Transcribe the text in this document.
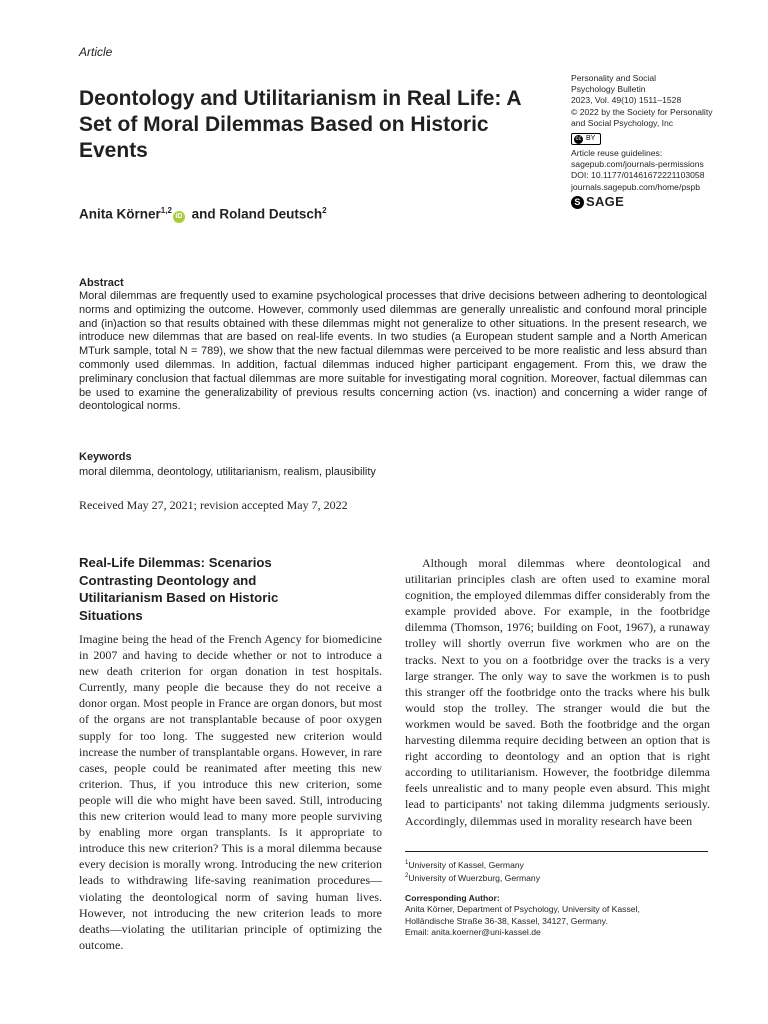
Article
Deontology and Utilitarianism in Real Life: A Set of Moral Dilemmas Based on Historic Events
Anita Körner$^{1,2}$iD and Roland Deutsch$^2$
Personality and Social
Psychology Bulletin
2023, Vol. 49(10) 1511–1528
© 2022 by the Society for Personality
and Social Psychology, Inc
cc BY
Article reuse guidelines:
sagepub.com/journals-permissions
DOI: 10.1177/01461672221103058
journals.sagepub.com/home/pspb
S SAGE
Abstract
Moral dilemmas are frequently used to examine psychological processes that drive decisions between adhering to deontological norms and optimizing the outcome. However, commonly used dilemmas are generally unrealistic and confound moral principle and (in)action so that results obtained with these dilemmas might not generalize to other situations. In the present research, we introduce new dilemmas that are based on real-life events. In two studies (a European student sample and a North American MTurk sample, total N = 789), we show that the new factual dilemmas were perceived to be more realistic and less absurd than commonly used dilemmas. In addition, factual dilemmas induced higher participant engagement. From this, we draw the preliminary conclusion that factual dilemmas are more suitable for investigating moral cognition. Moreover, factual dilemmas can be used to examine the generalizability of previous results concerning action (vs. inaction) and concerning a wider range of deontological norms.
Keywords
moral dilemma, deontology, utilitarianism, realism, plausibility
Received May 27, 2021; revision accepted May 7, 2022
Real-Life Dilemmas: Scenarios Contrasting Deontology and Utilitarianism Based on Historic Situations

Imagine being the head of the French Agency for biomedicine in 2007 and having to decide whether or not to introduce a new death criterion for organ donation in test hospitals. Currently, many people die because they do not receive a donor organ. Most people in France are organ donors, but most of the organs are not transplantable because of poor oxygen supply for too long. The suggested new criterion would increase the number of transplantable organs. However, in rare cases, people could be reanimated after meeting this new criterion. Thus, if you introduce this new criterion, some people will die who might have been saved. Still, introducing this new criterion would lead to many more people surviving by enabling more organ transplants. Is it appropriate to introduce this new criterion? This is a moral dilemma because every decision is morally wrong. Introducing the new criterion leads to withdrawing life-saving reanimation procedures—violating the deontological norm of saving human lives. However, not introducing the new criterion leads to more deaths—violating the utilitarian principle of optimizing the outcome.

Although moral dilemmas where deontological and utilitarian principles clash are often used to examine moral cognition, the employed dilemmas differ considerably from the example provided above. For example, in the footbridge dilemma (Thomson, 1976; building on Foot, 1967), a runaway trolley will shortly overrun five workmen who are on the tracks. Next to you on a footbridge over the tracks is a very large stranger. The only way to save the workmen is to push this stranger off the footbridge onto the tracks where his bulk would stop the trolley. The stranger would die but the workmen would be saved. Both the footbridge and the organ harvesting dilemma require deciding between an option that is right according to deontology and an option that is right according to utilitarianism. However, the footbridge dilemma feels unrealistic and to many people even absurd. This might lead to participants' not taking dilemma judgments seriously. Accordingly, dilemmas used in morality research have been

$^1$University of Kassel, Germany
$^2$University of Wuerzburg, Germany
Corresponding Author:
Anita Körner, Department of Psychology, University of Kassel,
Holländische Straße 36-38, Kassel, 34127, Germany.
Email: anita.koerner@uni-kassel.de
